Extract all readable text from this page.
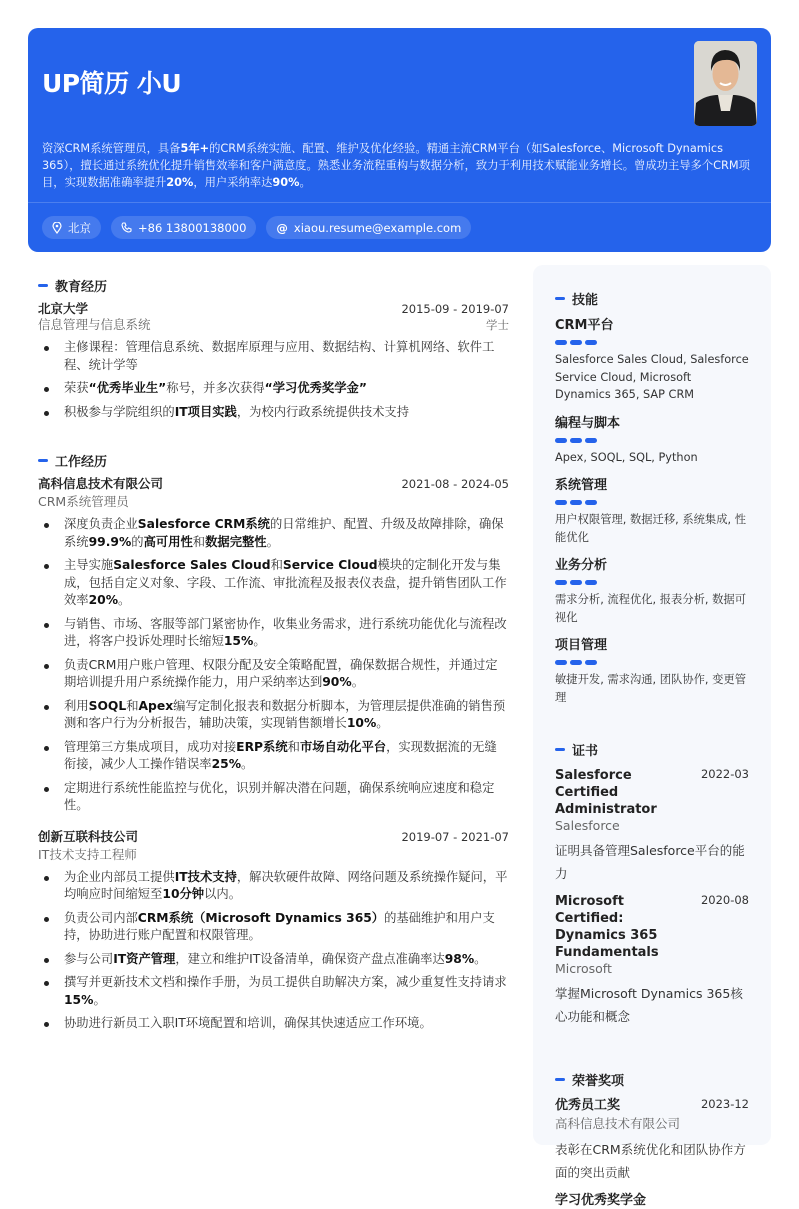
UP简历 小U
资深CRM系统管理员，具备5年+的CRM系统实施、配置、维护及优化经验。精通主流CRM平台（如Salesforce、Microsoft Dynamics 365），擅长通过系统优化提升销售效率和客户满意度。熟悉业务流程重构与数据分析，致力于利用技术赋能业务增长。曾成功主导多个CRM项目，实现数据准确率提升20%，用户采纳率达90%。
北京	+86 13800138000	@ xiaou.resume@example.com
教育经历
北京大学	2015-09 - 2019-07
信息管理与信息系统	学士
主修课程：管理信息系统、数据库原理与应用、数据结构、计算机网络、软件工程、统计学等
荣获“优秀毕业生”称号，并多次获得“学习优秀奖学金”
积极参与学院组织的IT项目实践，为校内行政系统提供技术支持
工作经历
高科信息技术有限公司	2021-08 - 2024-05
CRM系统管理员
深度负责企业Salesforce CRM系统的日常维护、配置、升级及故障排除，确保系统99.9%的高可用性和数据完整性。
主导实施Salesforce Sales Cloud和Service Cloud模块的定制化开发与集成，包括自定义对象、字段、工作流、审批流程及报表仪表盘，提升销售团队工作效率20%。
与销售、市场、客服等部门紧密协作，收集业务需求，进行系统功能优化与流程改进，将客户投诉处理时长缩短15%。
负责CRM用户账户管理、权限分配及安全策略配置，确保数据合规性，并通过定期培训提升用户系统操作能力，用户采纳率达到90%。
利用SOQL和Apex编写定制化报表和数据分析脚本，为管理层提供准确的销售预测和客户行为分析报告，辅助决策，实现销售额增长10%。
管理第三方集成项目，成功对接ERP系统和市场自动化平台，实现数据流的无缝衔接，减少人工操作错误率25%。
定期进行系统性能监控与优化，识别并解决潜在问题，确保系统响应速度和稳定性。
创新互联科技公司	2019-07 - 2021-07
IT技术支持工程师
为企业内部员工提供IT技术支持，解决软硬件故障、网络问题及系统操作疑问，平均响应时间缩短至10分钟以内。
负责公司内部CRM系统（Microsoft Dynamics 365）的基础维护和用户支持，协助进行账户配置和权限管理。
参与公司IT资产管理，建立和维护IT设备清单，确保资产盘点准确率达98%。
撰写并更新技术文档和操作手册，为员工提供自助解决方案，减少重复性支持请求15%。
协助进行新员工入职IT环境配置和培训，确保其快速适应工作环境。
技能
CRM平台
Salesforce Sales Cloud, Salesforce Service Cloud, Microsoft Dynamics 365, SAP CRM
编程与脚本
Apex, SOQL, SQL, Python
系统管理
用户权限管理, 数据迁移, 系统集成, 性能优化
业务分析
需求分析, 流程优化, 报表分析, 数据可视化
项目管理
敏捷开发, 需求沟通, 团队协作, 变更管理
证书
Salesforce Certified Administrator
2022-03
Salesforce
证明具备管理Salesforce平台的能力
Microsoft Certified: Dynamics 365 Fundamentals
2020-08
Microsoft
掌握Microsoft Dynamics 365核心功能和概念
荣誉奖项
优秀员工奖	2023-12
高科信息技术有限公司
表彰在CRM系统优化和团队协作方面的突出贡献
学习优秀奖学金
